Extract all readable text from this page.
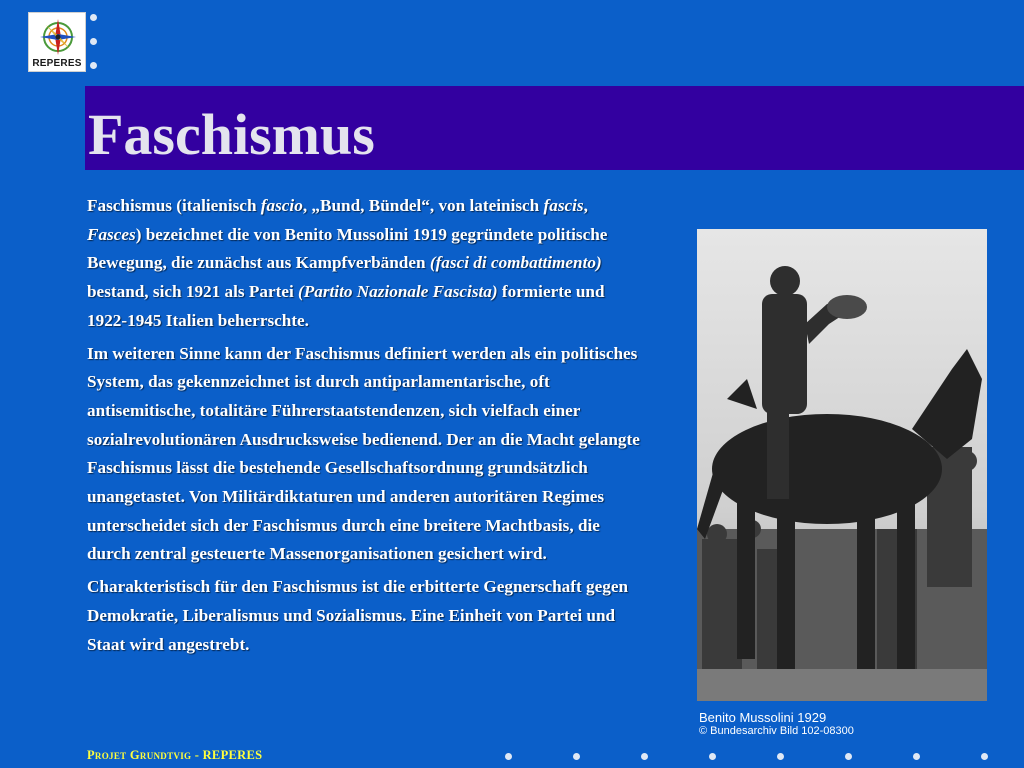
REPERES
Faschismus

Faschismus (italienisch fascio, „Bund, Bündel“, von lateinisch fascis, Fasces) bezeichnet die von Benito Mussolini 1919 gegründete politische Bewegung, die zunächst aus Kampfverbänden (fasci di combattimento) bestand, sich 1921 als Partei (Partito Nazionale Fascista) formierte und 1922-1945 Italien beherrschte.

Im weiteren Sinne kann der Faschismus definiert werden als ein politisches System, das gekennzeichnet ist durch antiparlamentarische, oft antisemitische, totalitäre Führerstaatstendenzen, sich vielfach einer sozialrevolutionären Ausdrucksweise bedienend. Der an die Macht gelangte Faschismus lässt die bestehende Gesellschaftsordnung grundsätzlich unangetastet. Von Militärdiktaturen und anderen autoritären Regimes unterscheidet sich der Faschismus durch eine breitere Machtbasis, die durch zentral gesteuerte Massenorganisationen gesichert wird.

Charakteristisch für den Faschismus ist die erbitterte Gegnerschaft gegen Demokratie, Liberalismus und Sozialismus. Eine Einheit von Partei und Staat wird angestrebt.

Benito Mussolini 1929
© Bundesarchiv Bild 102-08300
Projet Grundtvig - REPERES
